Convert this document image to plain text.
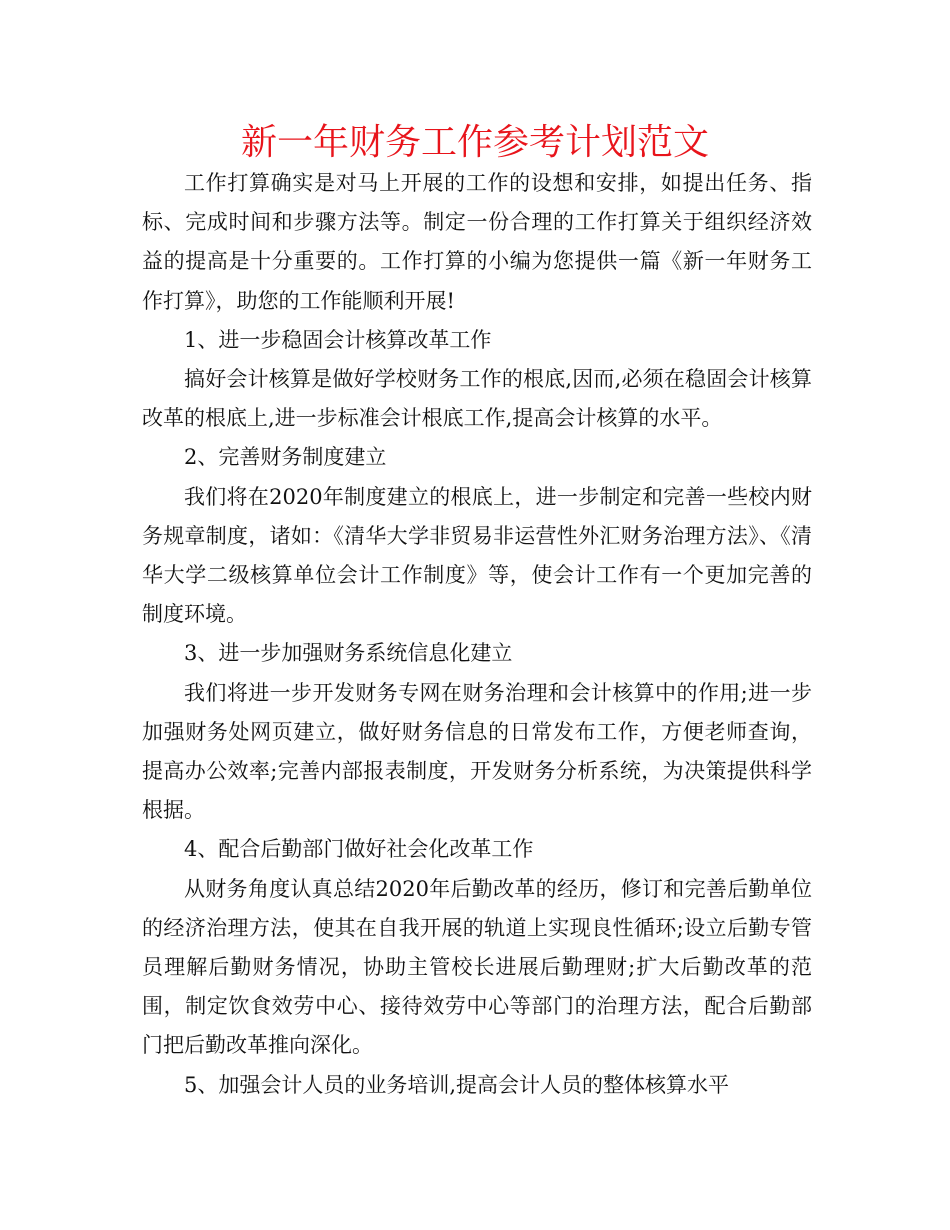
新一年财务工作参考计划范文

工作打算确实是对马上开展的工作的设想和安排，如提出任务、指标、完成时间和步骤方法等。制定一份合理的工作打算关于组织经济效益的提高是十分重要的。工作打算的小编为您提供一篇《新一年财务工作打算》，助您的工作能顺利开展!

1、进一步稳固会计核算改革工作

搞好会计核算是做好学校财务工作的根底,因而,必须在稳固会计核算改革的根底上,进一步标准会计根底工作,提高会计核算的水平。

2、完善财务制度建立

我们将在2020年制度建立的根底上，进一步制定和完善一些校内财务规章制度，诸如：《清华大学非贸易非运营性外汇财务治理方法》、《清华大学二级核算单位会计工作制度》等，使会计工作有一个更加完善的制度环境。

3、进一步加强财务系统信息化建立

我们将进一步开发财务专网在财务治理和会计核算中的作用;进一步加强财务处网页建立，做好财务信息的日常发布工作，方便老师查询，提高办公效率;完善内部报表制度，开发财务分析系统，为决策提供科学根据。

4、配合后勤部门做好社会化改革工作

从财务角度认真总结2020年后勤改革的经历，修订和完善后勤单位的经济治理方法，使其在自我开展的轨道上实现良性循环;设立后勤专管员理解后勤财务情况，协助主管校长进展后勤理财;扩大后勤改革的范围，制定饮食效劳中心、接待效劳中心等部门的治理方法，配合后勤部门把后勤改革推向深化。

5、加强会计人员的业务培训,提高会计人员的整体核算水平
